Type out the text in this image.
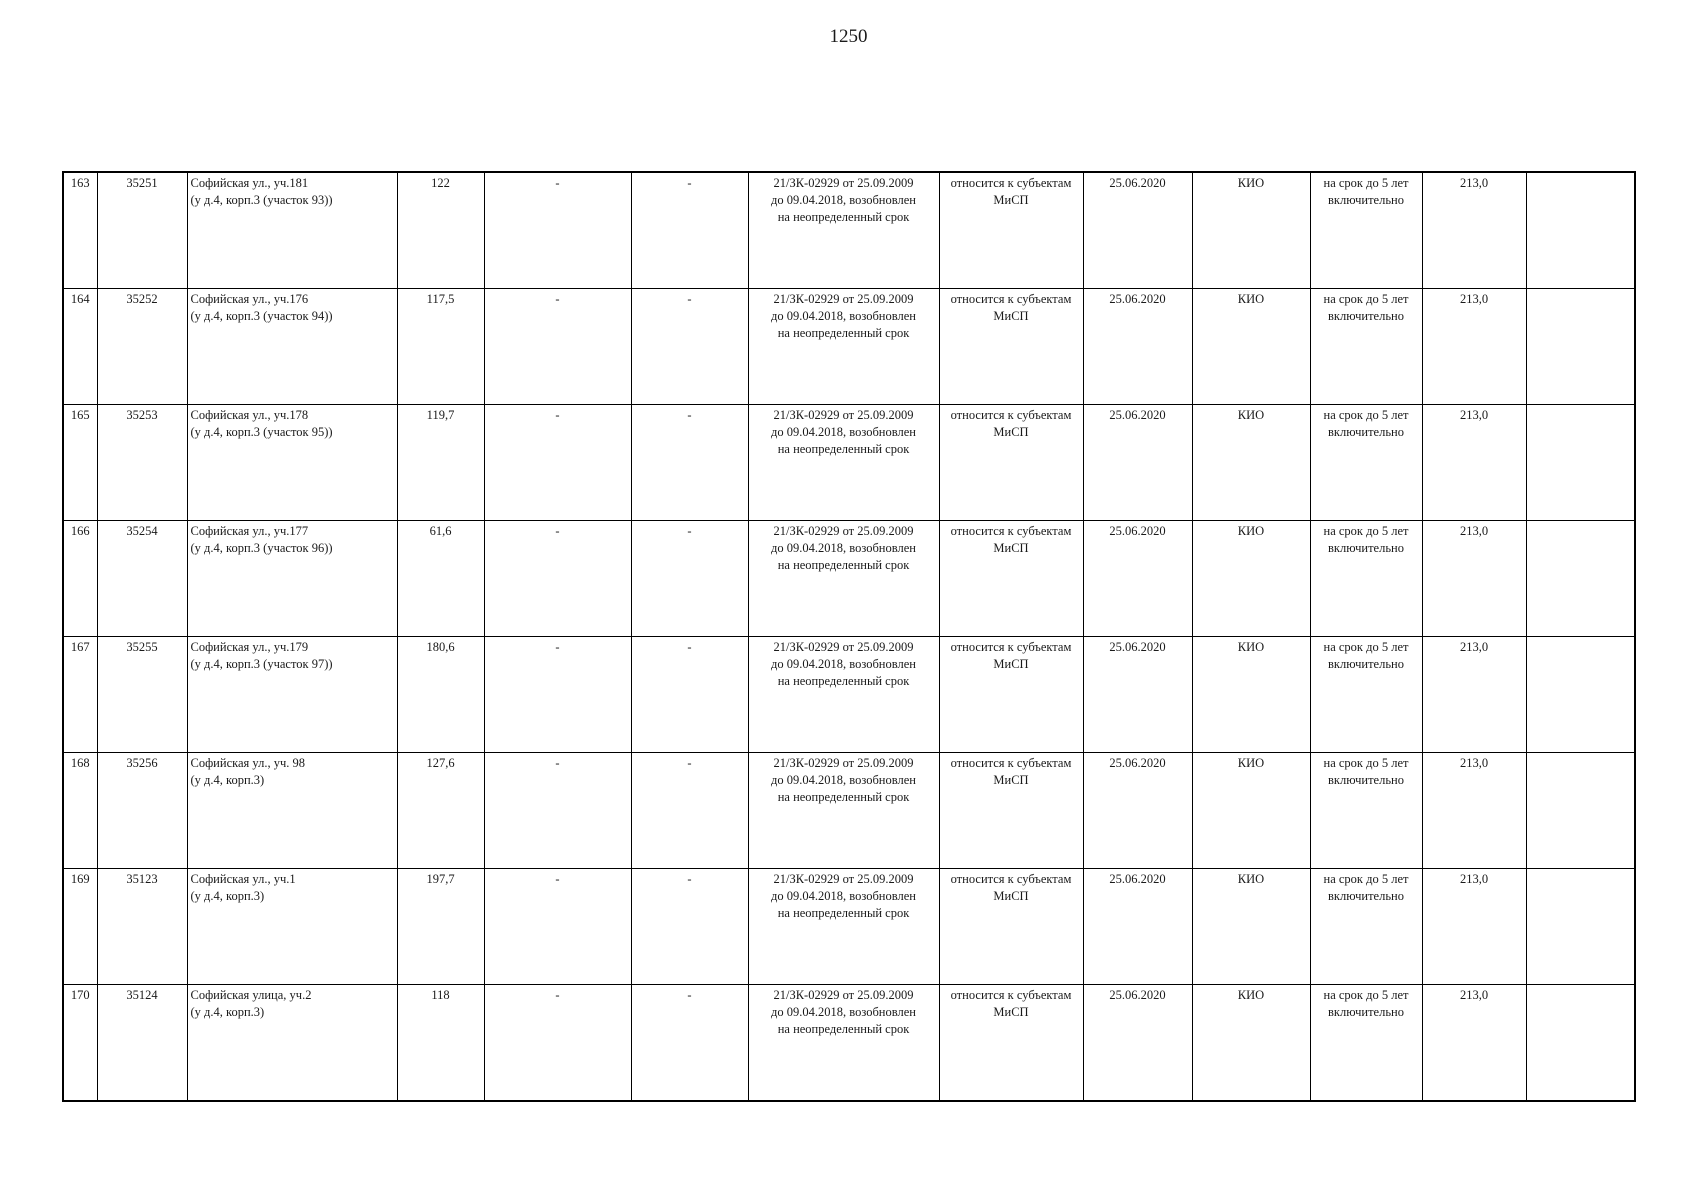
1250
163	35251	Софийская ул., уч.181
(у д.4, корп.3 (участок 93))	122	-	-	21/ЗК-02929 от 25.09.2009
до 09.04.2018, возобновлен
на неопределенный срок	относится к субъектам
МиСП	25.06.2020	КИО	на срок до 5 лет
включительно	213,0	
164	35252	Софийская ул., уч.176
(у д.4, корп.3 (участок 94))	117,5	-	-	21/ЗК-02929 от 25.09.2009
до 09.04.2018, возобновлен
на неопределенный срок	относится к субъектам
МиСП	25.06.2020	КИО	на срок до 5 лет
включительно	213,0	
165	35253	Софийская ул., уч.178
(у д.4, корп.3 (участок 95))	119,7	-	-	21/ЗК-02929 от 25.09.2009
до 09.04.2018, возобновлен
на неопределенный срок	относится к субъектам
МиСП	25.06.2020	КИО	на срок до 5 лет
включительно	213,0	
166	35254	Софийская ул., уч.177
(у д.4, корп.3 (участок 96))	61,6	-	-	21/ЗК-02929 от 25.09.2009
до 09.04.2018, возобновлен
на неопределенный срок	относится к субъектам
МиСП	25.06.2020	КИО	на срок до 5 лет
включительно	213,0	
167	35255	Софийская ул., уч.179
(у д.4, корп.3 (участок 97))	180,6	-	-	21/ЗК-02929 от 25.09.2009
до 09.04.2018, возобновлен
на неопределенный срок	относится к субъектам
МиСП	25.06.2020	КИО	на срок до 5 лет
включительно	213,0	
168	35256	Софийская ул., уч. 98
(у д.4, корп.3)	127,6	-	-	21/ЗК-02929 от 25.09.2009
до 09.04.2018, возобновлен
на неопределенный срок	относится к субъектам
МиСП	25.06.2020	КИО	на срок до 5 лет
включительно	213,0	
169	35123	Софийская ул., уч.1
(у д.4, корп.3)	197,7	-	-	21/ЗК-02929 от 25.09.2009
до 09.04.2018, возобновлен
на неопределенный срок	относится к субъектам
МиСП	25.06.2020	КИО	на срок до 5 лет
включительно	213,0	
170	35124	Софийская улица, уч.2
(у д.4, корп.3)	118	-	-	21/ЗК-02929 от 25.09.2009
до 09.04.2018, возобновлен
на неопределенный срок	относится к субъектам
МиСП	25.06.2020	КИО	на срок до 5 лет
включительно	213,0	
